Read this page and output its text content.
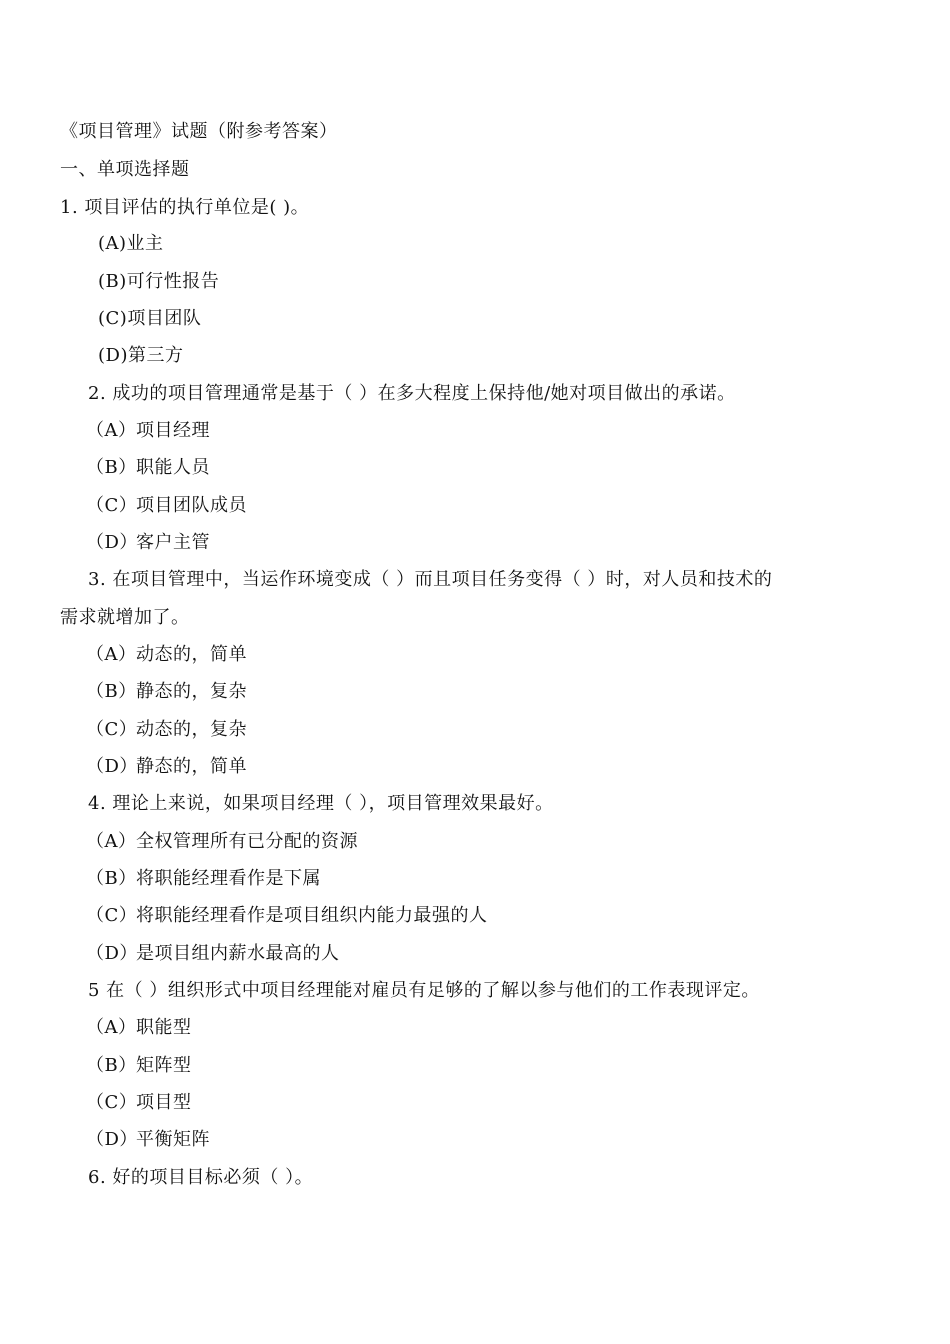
《项目管理》试题（附参考答案）
一、单项选择题
1. 项目评估的执行单位是( )。
(A)业主
(B)可行性报告
(C)项目团队
(D)第三方
2. 成功的项目管理通常是基于（ ）在多大程度上保持他/她对项目做出的承诺。
（A）项目经理
（B）职能人员
（C）项目团队成员
（D）客户主管
3. 在项目管理中，当运作环境变成（ ）而且项目任务变得（ ）时，对人员和技术的
需求就增加了。
（A）动态的，简单
（B）静态的，复杂
（C）动态的，复杂
（D）静态的，简单
4. 理论上来说，如果项目经理（ ），项目管理效果最好。
（A）全权管理所有已分配的资源
（B）将职能经理看作是下属
（C）将职能经理看作是项目组织内能力最强的人
（D）是项目组内薪水最高的人
5 在（ ）组织形式中项目经理能对雇员有足够的了解以参与他们的工作表现评定。
（A）职能型
（B）矩阵型
（C）项目型
（D）平衡矩阵
6. 好的项目目标必须（ ）。
